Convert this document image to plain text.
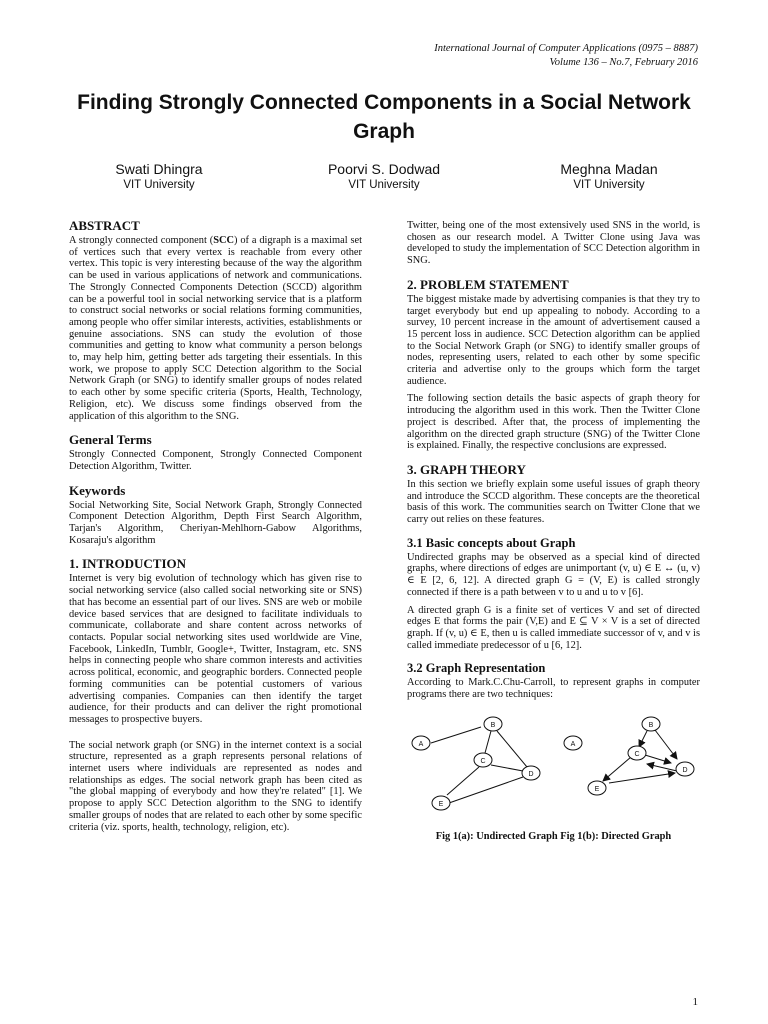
International Journal of Computer Applications (0975 – 8887)
Volume 136 – No.7, February 2016
Finding Strongly Connected Components in a Social Network Graph
Swati Dhingra
VIT University
Poorvi S. Dodwad
VIT University
Meghna Madan
VIT University
ABSTRACT

A strongly connected component (SCC) of a digraph is a maximal set of vertices such that every vertex is reachable from every other vertex. This topic is very interesting because of the way the algorithm can be used in various applications of network and communications. The Strongly Connected Components Detection (SCCD) algorithm can be a powerful tool in social networking service that is a platform to construct social networks or social relations forming communities, among people who offer similar interests, activities, establishments or genuine associations. SNS can study the evolution of those communities and getting to know what community a person belongs to, may help him, getting better ads targeting their essentials. In this work, we propose to apply SCC Detection algorithm to the Social Network Graph (or SNG) to identify smaller groups of nodes related to each other by some specific criteria (Sports, Health, Technology, Religion, etc). We discuss some findings observed from the application of this algorithm to the SNG.

General Terms

Strongly Connected Component, Strongly Connected Component Detection Algorithm, Twitter.

Keywords

Social Networking Site, Social Network Graph, Strongly Connected Component Detection Algorithm, Depth First Search Algorithm, Tarjan's Algorithm, Cheriyan-Mehlhorn-Gabow Algorithms, Kosaraju's algorithm

1. INTRODUCTION

Internet is very big evolution of technology which has given rise to social networking service (also called social networking site or SNS) that has become an essential part of our lives. SNS are web or mobile device based services that are designed to facilitate individuals to communicate, collaborate and share content across networks of contacts. Popular social networking sites used worldwide are Vine, Facebook, LinkedIn, Tumblr, Google+, Twitter, Instagram, etc. SNS helps in connecting people who share common interests and activities across political, economic, and geographic borders. Connected people forming communities can be potential customers of various advertising companies. Companies can then identify the target audience, for their products and can deliver the right promotional messages to prospective buyers.

The social network graph (or SNG) in the internet context is a social structure, represented as a graph represents personal relations of internet users where individuals are represented as nodes and relationships as edges. The social network graph has been cited as "the global mapping of everybody and how they're related" [1]. We propose to apply SCC Detection algorithm to the SNG to identify smaller groups of nodes that are related to each other by some specific criteria (viz. sports, health, technology, religion, etc).

Twitter, being one of the most extensively used SNS in the world, is chosen as our research model. A Twitter Clone using Java was developed to study the implementation of SCC Detection algorithm in SNG.

2. PROBLEM STATEMENT

The biggest mistake made by advertising companies is that they try to target everybody but end up appealing to nobody. According to a survey, 10 percent increase in the amount of advertisement caused a 15 percent loss in audience. SCC Detection algorithm can be applied to the Social Network Graph (or SNG) to identify smaller groups of nodes, representing users, related to each other by some specific criteria and advertise only to the groups which form the target audience.

The following section details the basic aspects of graph theory for introducing the algorithm used in this work. Then the Twitter Clone project is described. After that, the process of implementing the algorithm on the directed graph structure (SNG) of the Twitter Clone is explained. Finally, the respective conclusions are expressed.

3. GRAPH THEORY

In this section we briefly explain some useful issues of graph theory and introduce the SCCD algorithm. These concepts are the theoretical basis of this work. The communities search on Twitter Clone that we carry out relies on these features.

3.1 Basic concepts about Graph

Undirected graphs may be observed as a special kind of directed graphs, where directions of edges are unimportant (v, u) ∈ E ↔ (u, v) ∈ E [2, 6, 12]. A directed graph G = (V, E) is called strongly connected if there is a path between v to u and u to v [6].

A directed graph G is a finite set of vertices V and set of directed edges E that forms the pair (V,E) and E ⊆ V × V is a set of directed graph. If (v, u) ∈ E, then u is called immediate successor of v, and v is called immediate predecessor of u [6, 12].

3.2 Graph Representation

According to Mark.C.Chu-Carroll, to represent graphs in computer programs there are two techniques:

A
B
C
D
E
A
B
C
D
E
Fig 1(a): Undirected Graph Fig 1(b): Directed Graph
1
